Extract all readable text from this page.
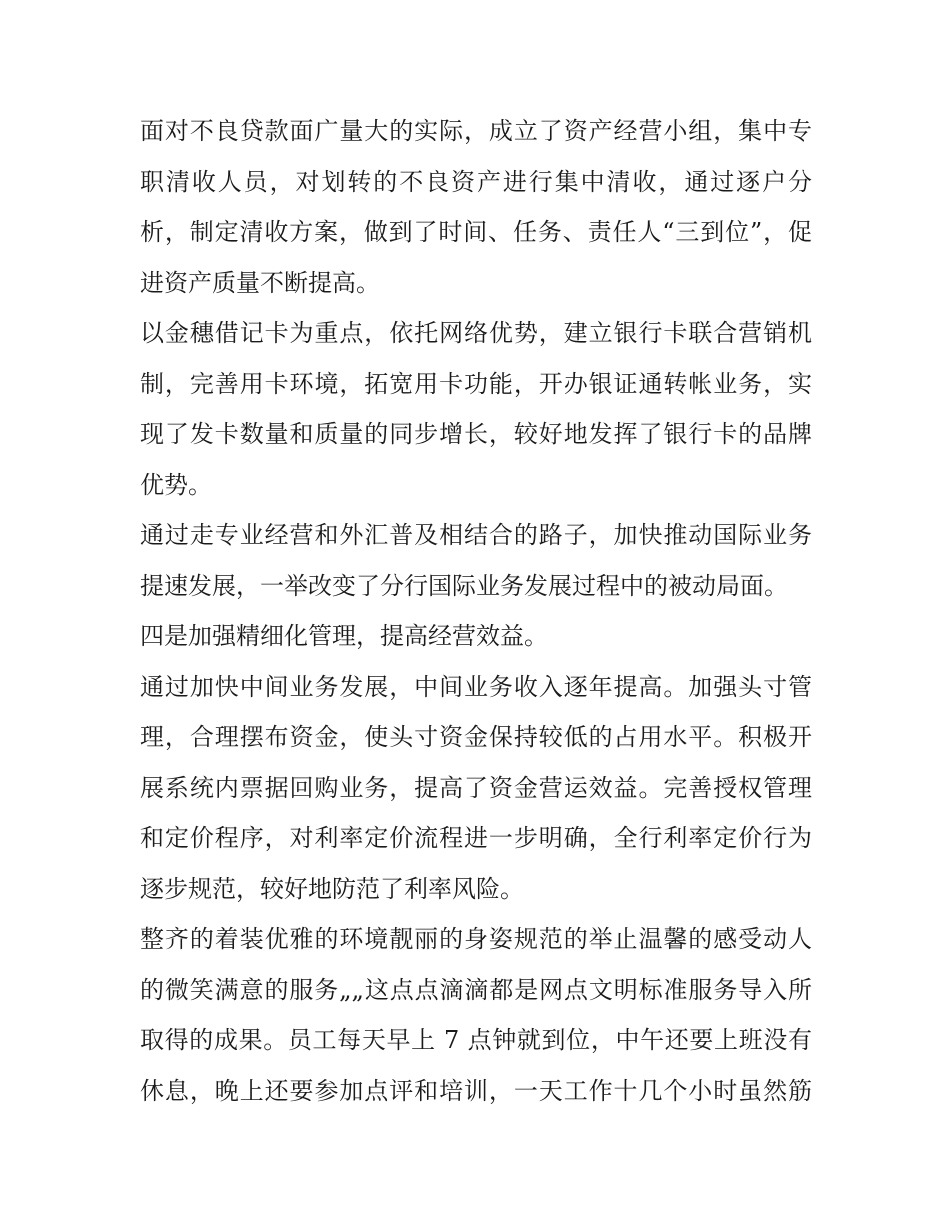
面对不良贷款面广量大的实际，成立了资产经营小组，集中专
职清收人员，对划转的不良资产进行集中清收，通过逐户分
析，制定清收方案，做到了时间、任务、责任人“三到位”，促
进资产质量不断提高。
以金穗借记卡为重点，依托网络优势，建立银行卡联合营销机
制，完善用卡环境，拓宽用卡功能，开办银证通转帐业务，实
现了发卡数量和质量的同步增长，较好地发挥了银行卡的品牌
优势。
通过走专业经营和外汇普及相结合的路子，加快推动国际业务
提速发展，一举改变了分行国际业务发展过程中的被动局面。
四是加强精细化管理，提高经营效益。
通过加快中间业务发展，中间业务收入逐年提高。加强头寸管
理，合理摆布资金，使头寸资金保持较低的占用水平。积极开
展系统内票据回购业务，提高了资金营运效益。完善授权管理
和定价程序，对利率定价流程进一步明确，全行利率定价行为
逐步规范，较好地防范了利率风险。
整齐的着装优雅的环境靓丽的身姿规范的举止温馨的感受动人
的微笑满意的服务„„这点点滴滴都是网点文明标准服务导入所
取得的成果。员工每天早上 7 点钟就到位，中午还要上班没有
休息，晚上还要参加点评和培训，一天工作十几个小时虽然筋
